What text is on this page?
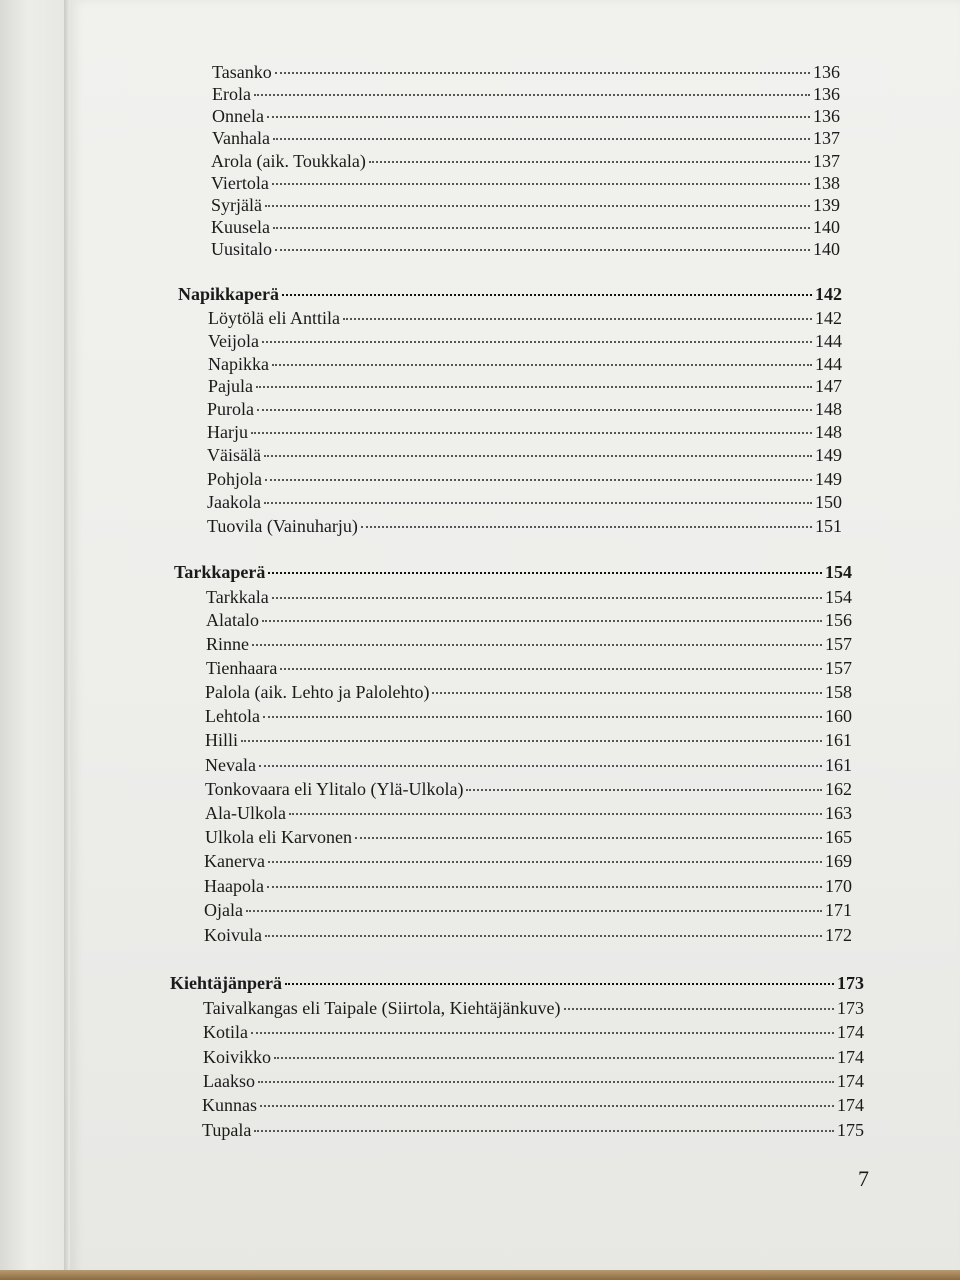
Tasanko	136
Erola	136
Onnela	136
Vanhala	137
Arola (aik. Toukkala)	137
Viertola	138
Syrjälä	139
Kuusela	140
Uusitalo	140
Napikkaperä	142
Löytölä eli Anttila	142
Veijola	144
Napikka	144
Pajula	147
Purola	148
Harju	148
Väisälä	149
Pohjola	149
Jaakola	150
Tuovila (Vainuharju)	151
Tarkkaperä	154
Tarkkala	154
Alatalo	156
Rinne	157
Tienhaara	157
Palola (aik. Lehto ja Palolehto)	158
Lehtola	160
Hilli	161
Nevala	161
Tonkovaara eli Ylitalo (Ylä-Ulkola)	162
Ala-Ulkola	163
Ulkola eli Karvonen	165
Kanerva	169
Haapola	170
Ojala	171
Koivula	172
Kiehtäjänperä	173
Taivalkangas eli Taipale (Siirtola, Kiehtäjänkuve)	173
Kotila	174
Koivikko	174
Laakso	174
Kunnas	174
Tupala	175
7
